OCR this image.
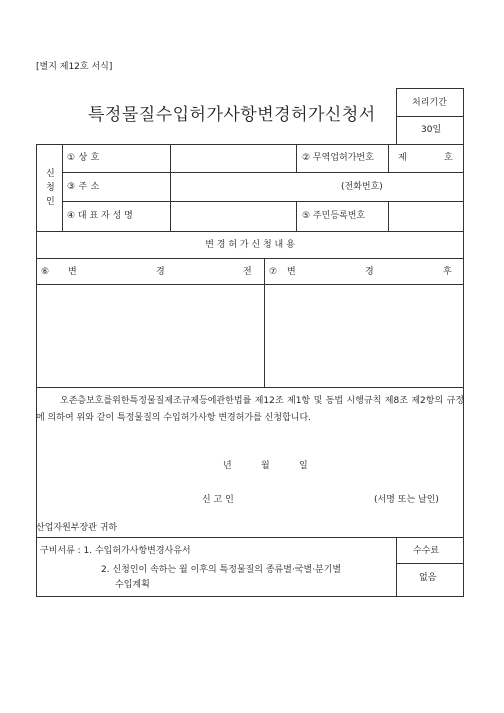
[별지 제12호 서식]
특정물질수입허가사항변경허가신청서
처리기간
30일
신
청
인
① 상 호	② 무역업허가번호	제	호
③ 주 소	(전화번호)
④ 대 표 자 성 명	⑤ 주민등록번호
변 경 허 가 신 청 내 용
⑥ 변	경	전 ⑦ 변	경	후
오존층보호를위한특정물질제조규제등에관한법률 제12조 제1항 및 동법 시행규칙 제8조 제2항의 규정에 의하여 위와 같이 특정물질의 수입허가사항 변경허가를 신청합니다.
년	월	일
신 고 인	(서명 또는 날인)
산업자원부장관 귀하
구비서류 : 1. 수입허가사항변경사유서
2. 신청인이 속하는 월 이후의 특정물질의 종류별·국별·분기별
수입계획
수수료
없음
